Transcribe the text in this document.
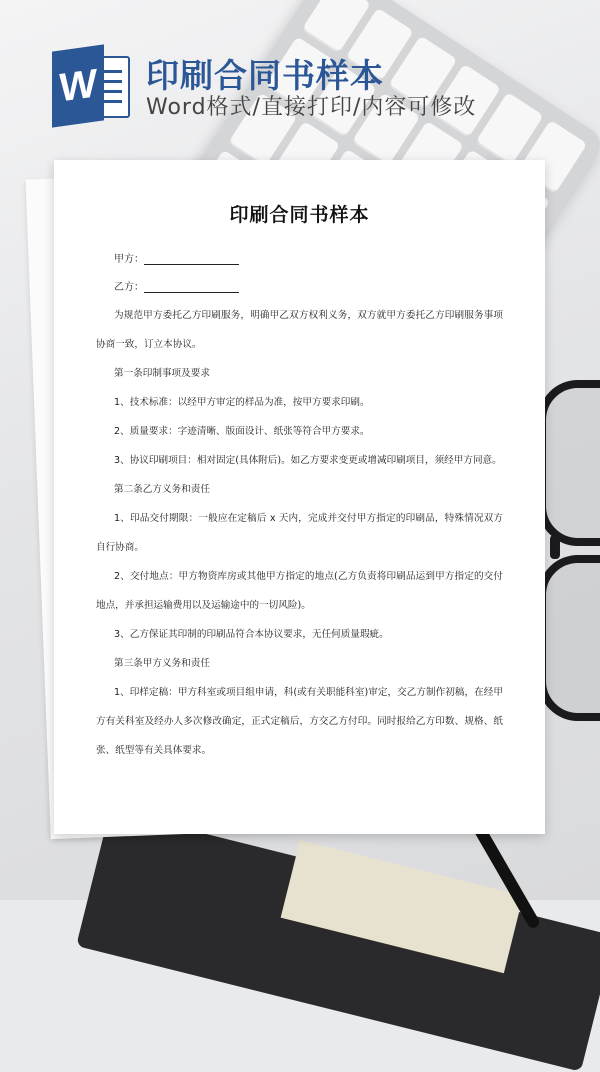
W 印刷合同书样本
Word格式/直接打印/内容可修改
印刷合同书样本
甲方：
乙方：

为规范甲方委托乙方印刷服务，明确甲乙双方权利义务，双方就甲方委托乙方印刷服务事项协商一致，订立本协议。

第一条印制事项及要求

1、技术标准：以经甲方审定的样品为准，按甲方要求印刷。

2、质量要求：字迹清晰、版面设计、纸张等符合甲方要求。

3、协议印刷项目：相对固定(具体附后)。如乙方要求变更或增减印刷项目，须经甲方同意。

第二条乙方义务和责任

1、印品交付期限：一般应在定稿后 x 天内，完成并交付甲方指定的印刷品，特殊情况双方自行协商。

2、交付地点：甲方物资库房或其他甲方指定的地点(乙方负责将印刷品运到甲方指定的交付地点，并承担运输费用以及运输途中的一切风险)。

3、乙方保证其印制的印刷品符合本协议要求，无任何质量瑕疵。

第三条甲方义务和责任

1、印样定稿：甲方科室或项目组申请，科(或有关职能科室)审定，交乙方制作初稿，在经甲方有关科室及经办人多次修改确定，正式定稿后，方交乙方付印。同时报给乙方印数、规格、纸张、纸型等有关具体要求。
